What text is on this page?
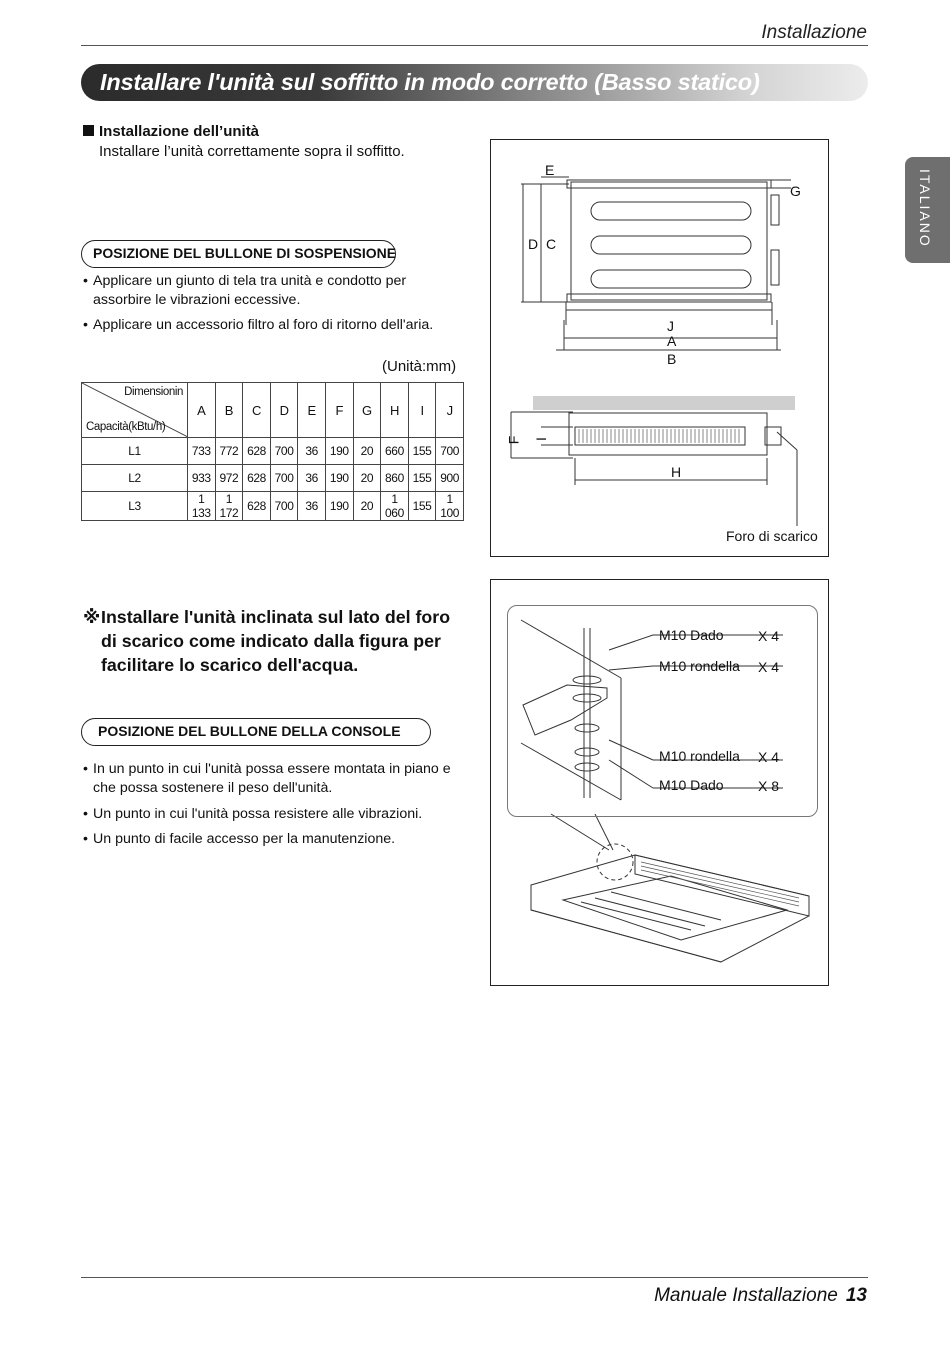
Installazione
Installare l'unità sul soffitto in modo corretto (Basso statico)
ITALIANO
Installazione dell’unità
Installare l’unità correttamente sopra il soffitto.
POSIZIONE DEL BULLONE DI SOSPENSIONE
• Applicare un giunto di tela tra unità e condotto per
assorbire le vibrazioni eccessive.
• Applicare un accessorio filtro al foro di ritorno dell'aria.
(Unità:mm)
Dimensionin
Capacità(kBtu/h)	A	B	C	D	E	F	G	H	I	J
L1	733	772	628	700	36	190	20	660	155	700
L2	933	972	628	700	36	190	20	860	155	900
L3	1 133	1 172	628	700	36	190	20	1 060	155	1 100
※ Installare l'unità inclinata sul lato del foro di scarico come indicato dalla figura per facilitare lo scarico dell'acqua.
POSIZIONE DEL BULLONE DELLA CONSOLE
• In un punto in cui l'unità possa essere montata in piano e
che possa sostenere il peso dell'unità.
• Un punto in cui l'unità possa resistere alle vibrazioni.
• Un punto di facile accesso per la manutenzione.
E
G
D C
J
A
B
F I
H
Foro di scarico
M10 Dado X 4
M10 rondella X 4
M10 rondella X 4
M10 Dado X 8
Manuale Installazione 13
